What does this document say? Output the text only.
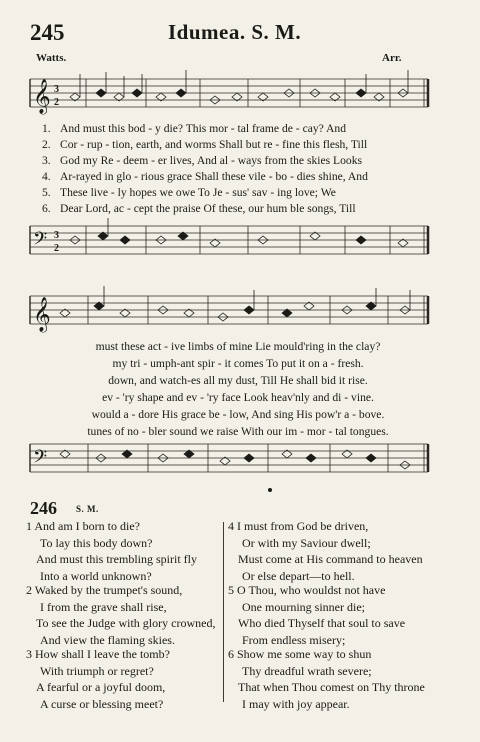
245	Idumea. S. M.
Watts.	Arr.
𝄞 3
2
1. And must this bod - y die? This mor - tal frame de - cay? And
2. Cor - rup - tion, earth, and worms Shall but re - fine this flesh, Till
3. God my Re - deem - er lives, And al - ways from the skies Looks
4. Ar-rayed in glo - rious grace Shall these vile - bo - dies shine, And
5. These live - ly hopes we owe To Je - sus' sav - ing love; We
6. Dear Lord, ac - cept the praise Of these, our hum ble songs, Till
𝄢 3
2
𝄞
must these act - ive limbs of mine Lie mould'ring in the clay?
my tri - umph-ant spir - it comes To put it on a - fresh.
down, and watch-es all my dust, Till He shall bid it rise.
ev - 'ry shape and ev - 'ry face Look heav'nly and di - vine.
would a - dore His grace be - low, And sing His pow'r a - bove.
tunes of no - bler sound we raise With our im - mor - tal tongues.
𝄢
246 S. M.
1 And am I born to die?
To lay this body down?
And must this trembling spirit fly
Into a world unknown?
2 Waked by the trumpet's sound,
I from the grave shall rise,
To see the Judge with glory crowned,
And view the flaming skies.
3 How shall I leave the tomb?
With triumph or regret?
A fearful or a joyful doom,
A curse or blessing meet?
4 I must from God be driven,
Or with my Saviour dwell;
Must come at His command to heaven
Or else depart—to hell.
5 O Thou, who wouldst not have
One mourning sinner die;
Who died Thyself that soul to save
From endless misery;
6 Show me some way to shun
Thy dreadful wrath severe;
That when Thou comest on Thy throne
I may with joy appear.
